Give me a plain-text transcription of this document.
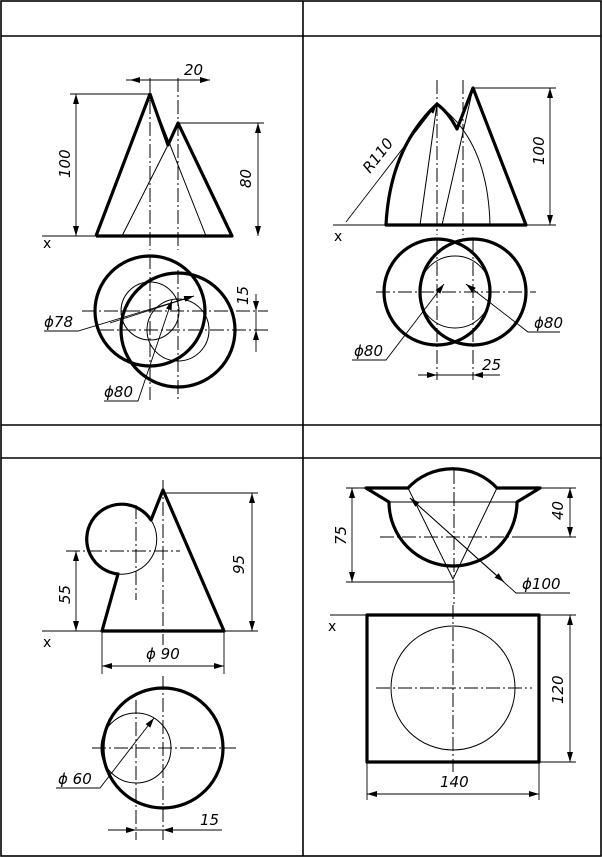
x
20
100
80
15
ϕ78
ϕ80
x
R110	100
ϕ80
ϕ80
25
x
55
95
ϕ 90
ϕ 60
15
40
75
ϕ100
x
120
140
